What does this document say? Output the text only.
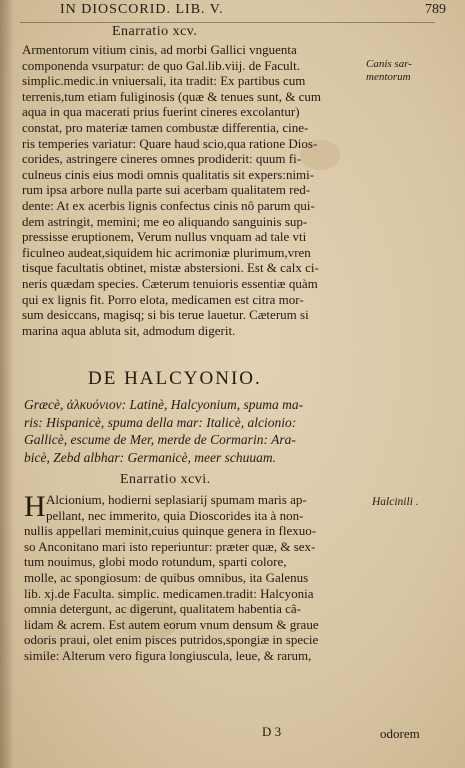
IN DIOSCORID. LIB. V.	789
Enarratio xcv.
Canis sar-
mentorum
Armentorum vitium cinis, ad morbi Gallici vnguenta
componenda vsurpatur: de quo Gal.lib.viij. de Facult.
simplic.medic.in vniuersali, ita tradit: Ex partibus cum
terrenis,tum etiam fuliginosis (quæ & tenues sunt, & cum
aqua in qua macerati prius fuerint cineres excolantur)
constat, pro materiæ tamen combustæ differentia, cine-
ris temperies variatur: Quare haud scio,qua ratione Dios-
corides, astringere cineres omnes prodiderit: quum fi-
culneus cinis eius modi omnis qualitatis sit expers:nimi-
rum ipsa arbore nulla parte sui acerbam qualitatem red-
dente: At ex acerbis lignis confectus cinis nô parum qui-
dem astringit, memini; me eo aliquando sanguinis sup-
pressisse eruptionem, Verum nullus vnquam ad tale vti
ficulneo audeat,siquidem hic acrimoniæ plurimum,vren
tisque facultatis obtinet, mistæ abstersioni. Est & calx ci-
neris quædam species. Cæterum tenuioris essentiæ quàm
qui ex lignis fit. Porro elota, medicamen est citra mor-
sum desiccans, magisq; si bis terue lauetur. Cæterum si
marina aqua abluta sit, admodum digerit.
DE HALCYONIO.
Græcè, ἀλκυόνιον: Latinè, Halcyonium, spuma ma-
ris: Hispanicè, spuma della mar: Italicè, alcionio:
Gallicè, escume de Mer, merde de Cormarin: Ara-
bicè, Zebd albhar: Germanicè, meer schuuam.
Enarratio xcvi.
Halcinili .
H Alcionium, hodierni seplasiarij spumam maris ap-
pellant, nec immerito, quia Dioscorides ita à non-
nullis appellari meminit,cuius quinque genera in flexuo-
so Anconitano mari isto reperiuntur: præter quæ, & sex-
tum nouimus, globi modo rotundum, sparti colore,
molle, ac spongiosum: de quibus omnibus, ita Galenus
lib. xj.de Faculta. simplic. medicamen.tradit: Halcyonia
omnia detergunt, ac digerunt, qualitatem habentia câ-
lidam & acrem. Est autem eorum vnum densum & graue
odoris praui, olet enim pisces putridos,spongiæ in specie
simile: Alterum vero figura longiuscula, leue, & rarum,
D 3	odorem
